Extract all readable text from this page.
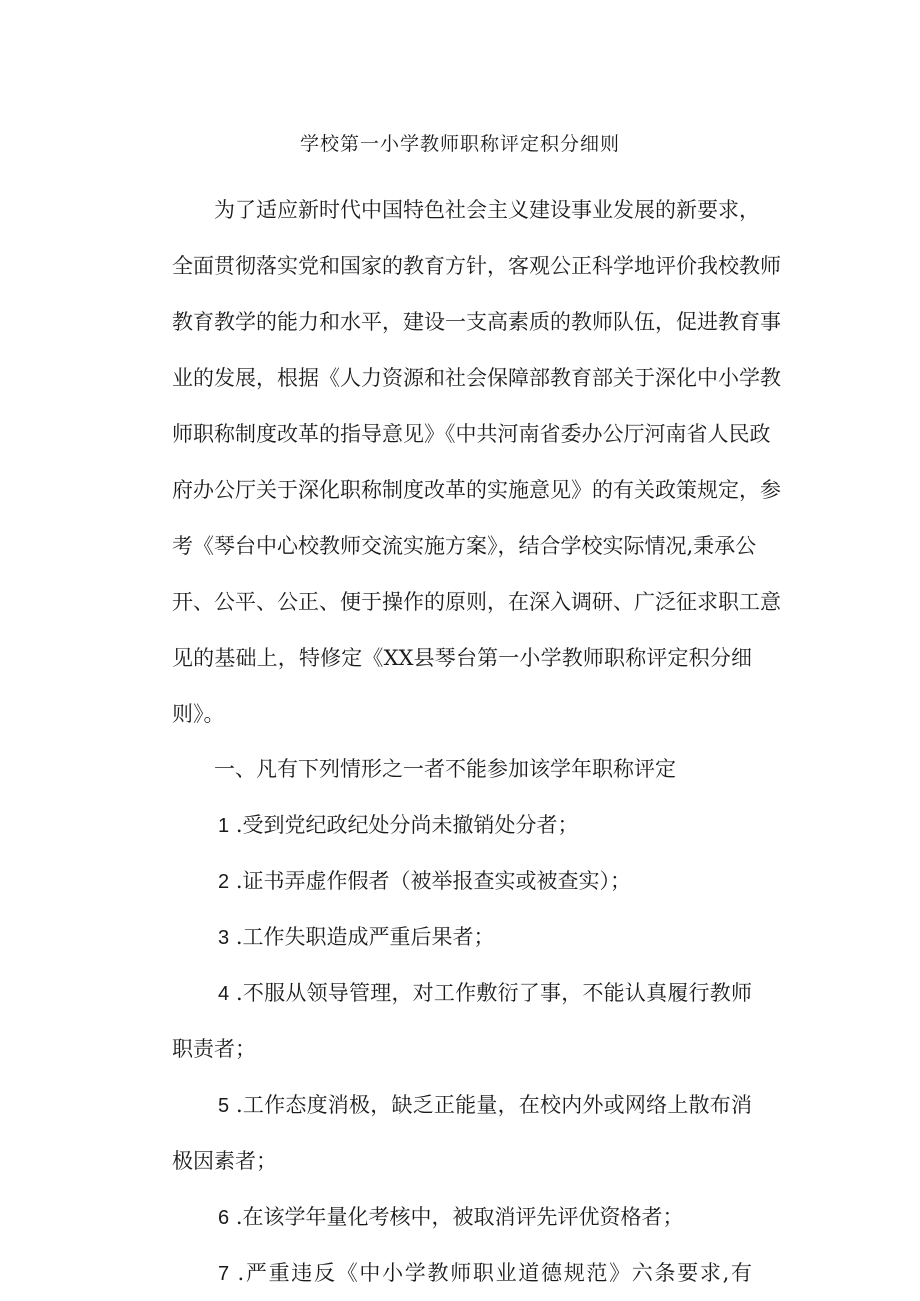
学校第一小学教师职称评定积分细则
为了适应新时代中国特色社会主义建设事业发展的新要求，
全面贯彻落实党和国家的教育方针，客观公正科学地评价我校教师
教育教学的能力和水平，建设一支高素质的教师队伍，促进教育事
业的发展，根据《人力资源和社会保障部教育部关于深化中小学教
师职称制度改革的指导意见》《中共河南省委办公厅河南省人民政
府办公厅关于深化职称制度改革的实施意见》的有关政策规定，参
考《琴台中心校教师交流实施方案》，结合学校实际情况,秉承公
开、公平、公正、便于操作的原则，在深入调研、广泛征求职工意
见的基础上，特修定《XX县琴台第一小学教师职称评定积分细
则》。
一、凡有下列情形之一者不能参加该学年职称评定
1 .受到党纪政纪处分尚未撤销处分者；
2 .证书弄虚作假者（被举报查实或被查实）；
3 .工作失职造成严重后果者；
4 .不服从领导管理，对工作敷衍了事，不能认真履行教师
职责者；
5 .工作态度消极，缺乏正能量，在校内外或网络上散布消
极因素者；
6 .在该学年量化考核中，被取消评先评优资格者；
7 .严重违反《中小学教师职业道德规范》六条要求,有
